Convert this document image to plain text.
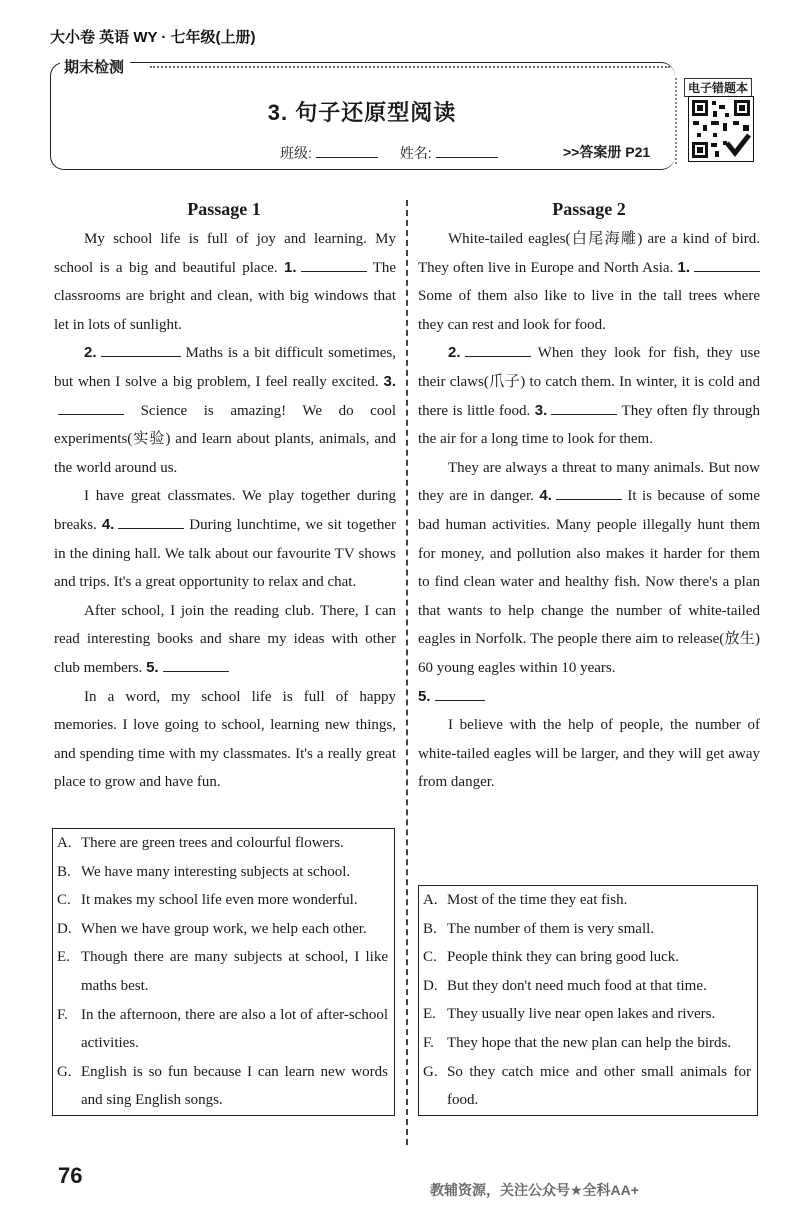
大小卷 英语 WY · 七年级(上册)
期末检测
3. 句子还原型阅读
班级:	姓名:	>>答案册 P21
电子错题本
Passage 1

My school life is full of joy and learning. My school is a big and beautiful place. 1.	The classrooms are bright and clean, with big windows that let in lots of sunlight.

2.	Maths is a bit difficult sometimes, but when I solve a big problem, I feel really excited. 3. Science is amazing! We do cool experiments(实验) and learn about plants, animals, and the world around us.

I have great classmates. We play together during breaks. 4.	During lunchtime, we sit together in the dining hall. We talk about our favourite TV shows and trips. It's a great opportunity to relax and chat.

After school, I join the reading club. There, I can read interesting books and share my ideas with other club members. 5.

In a word, my school life is full of happy memories. I love going to school, learning new things, and spending time with my classmates. It's a really great place to grow and have fun.

A. There are green trees and colourful flowers.
B. We have many interesting subjects at school.
C. It makes my school life even more wonderful.
D. When we have group work, we help each other.
E. Though there are many subjects at school, I like maths best.
F. In the afternoon, there are also a lot of after-school activities.
G. English is so fun because I can learn new words and sing English songs.
Passage 2

White-tailed eagles(白尾海雕) are a kind of bird. They often live in Europe and North Asia. 1. Some of them also like to live in the tall trees where they can rest and look for food.

2.	When they look for fish, they use their claws(爪子) to catch them. In winter, it is cold and there is little food. 3.	They often fly through the air for a long time to look for them.

They are always a threat to many animals. But now they are in danger. 4.	It is because of some bad human activities. Many people illegally hunt them for money, and pollution also makes it harder for them to find clean water and healthy fish. Now there's a plan that wants to help change the number of white-tailed eagles in Norfolk. The people there aim to release(放生) 60 young eagles within 10 years.

5.

I believe with the help of people, the number of white-tailed eagles will be larger, and they will get away from danger.

A. Most of the time they eat fish.
B. The number of them is very small.
C. People think they can bring good luck.
D. But they don't need much food at that time.
E. They usually live near open lakes and rivers.
F. They hope that the new plan can help the birds.
G. So they catch mice and other small animals for food.
76
教辅资源，关注公众号★全科AA+
